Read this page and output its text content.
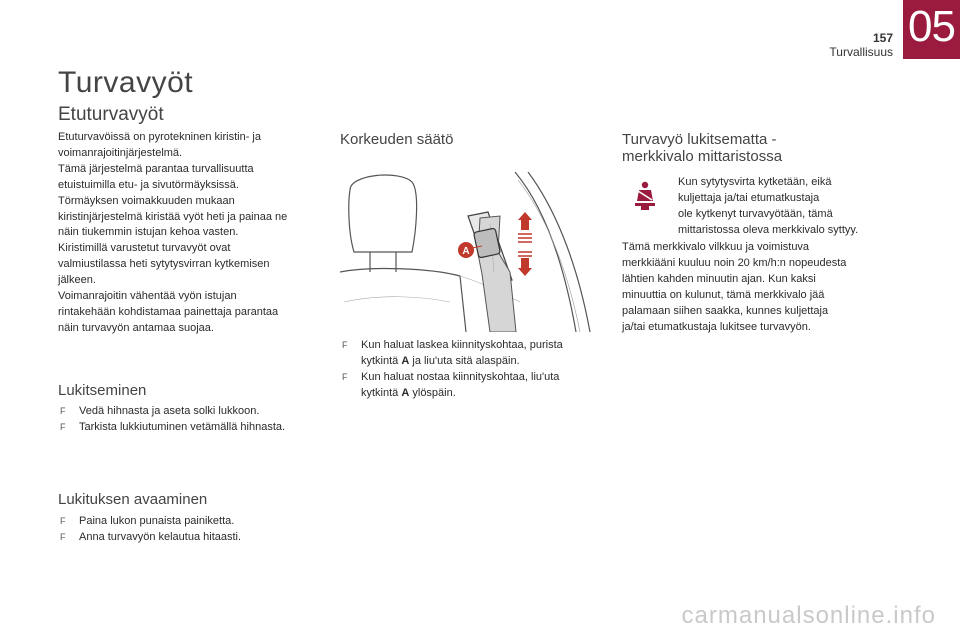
157
Turvallisuus
05
Turvavyöt
Etuturvavyöt

Etuturvavöissä on pyrotekninen kiristin- ja

voimanrajoitinjärjestelmä.

Tämä järjestelmä parantaa turvallisuutta

etuistuimilla etu- ja sivutörmäyksissä.

Törmäyksen voimakkuuden mukaan

kiristinjärjestelmä kiristää vyöt heti ja painaa ne

näin tiukemmin istujan kehoa vasten.

Kiristimillä varustetut turvavyöt ovat

valmiustilassa heti sytytysvirran kytkemisen

jälkeen.

Voimanrajoitin vähentää vyön istujan

rintakehään kohdistamaa painettaja parantaa

näin turvavyön antamaa suojaa.

Lukitseminen
F Vedä hihnasta ja aseta solki lukkoon.
F Tarkista lukkiutuminen vetämällä hihnasta.
Lukituksen avaaminen
F Paina lukon punaista painiketta.
F Anna turvavyön kelautua hitaasti.
Korkeuden säätö
A
F Kun haluat laskea kiinnityskohtaa, purista
kytkintä A ja liu'uta sitä alaspäin.
F Kun haluat nostaa kiinnityskohtaa, liu'uta
kytkintä A ylöspäin.
Turvavyö lukitsematta -
merkkivalo mittaristossa

Kun sytytysvirta kytketään, eikä

kuljettaja ja/tai etumatkustaja

ole kytkenyt turvavyötään, tämä

mittaristossa oleva merkkivalo syttyy.

Tämä merkkivalo vilkkuu ja voimistuva

merkkiääni kuuluu noin 20 km/h:n nopeudesta

lähtien kahden minuutin ajan. Kun kaksi

minuuttia on kulunut, tämä merkkivalo jää

palamaan siihen saakka, kunnes kuljettaja

ja/tai etumatkustaja lukitsee turvavyön.

carmanualsonline.info
